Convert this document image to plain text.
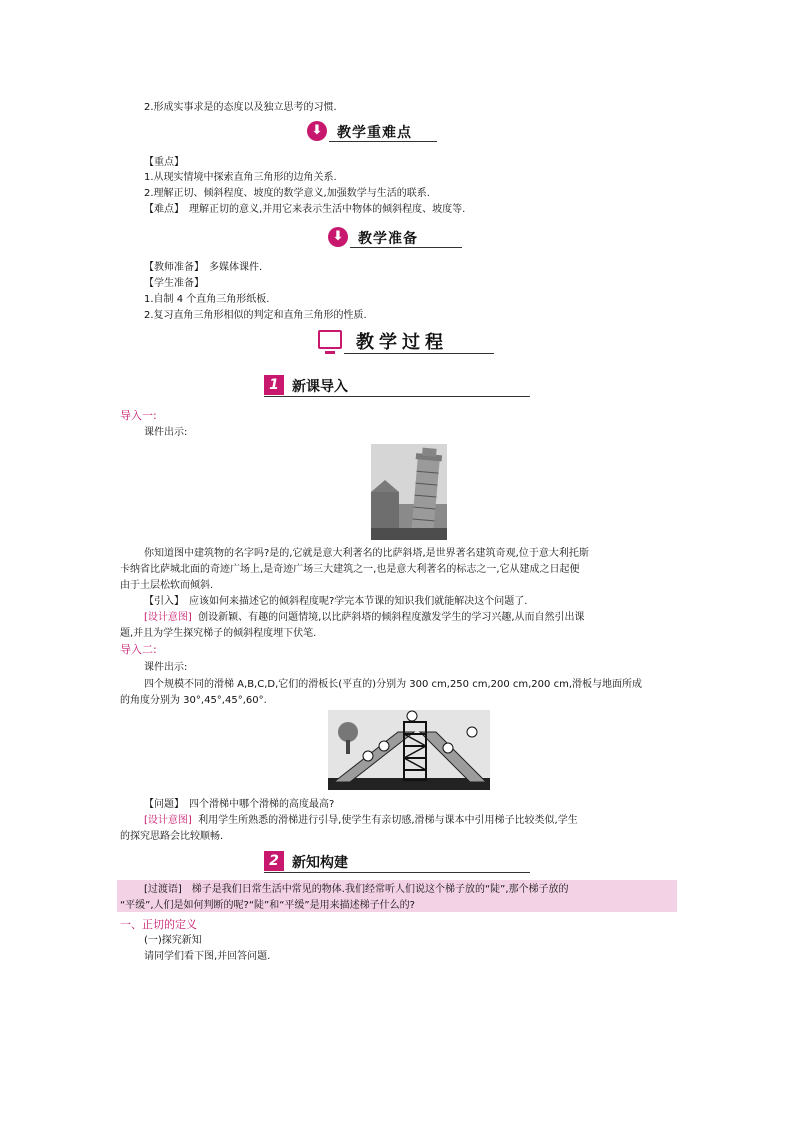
2.形成实事求是的态度以及独立思考的习惯.
⬇	教学重难点
【重点】
1.从现实情境中探索直角三角形的边角关系.
2.理解正切、倾斜程度、坡度的数学意义,加强数学与生活的联系.
【难点】　理解正切的意义,并用它来表示生活中物体的倾斜程度、坡度等.
⬇	教学准备
【教师准备】　多媒体课件.
【学生准备】
1.自制 4 个直角三角形纸板.
2.复习直角三角形相似的判定和直角三角形的性质.
教学过程
1 新课导入
导入一:
课件出示:
你知道图中建筑物的名字吗?是的,它就是意大利著名的比萨斜塔,是世界著名建筑奇观,位于意大利托斯
卡纳省比萨城北面的奇迹广场上,是奇迹广场三大建筑之一,也是意大利著名的标志之一,它从建成之日起便
由于土层松软而倾斜.
【引入】　应该如何来描述它的倾斜程度呢?学完本节课的知识我们就能解决这个问题了.
[设计意图] 创设新颖、有趣的问题情境,以比萨斜塔的倾斜程度激发学生的学习兴趣,从而自然引出课
题,并且为学生探究梯子的倾斜程度埋下伏笔.
导入二:
课件出示:
四个规模不同的滑梯 A,B,C,D,它们的滑板长(平直的)分别为 300 cm,250 cm,200 cm,200 cm,滑板与地面所成
的角度分别为 30°,45°,45°,60°.
【问题】　四个滑梯中哪个滑梯的高度最高?
[设计意图] 利用学生所熟悉的滑梯进行引导,使学生有亲切感,滑梯与课本中引用梯子比较类似,学生
的探究思路会比较顺畅.
2 新知构建
[过渡语]　梯子是我们日常生活中常见的物体.我们经常听人们说这个梯子放的“陡”,那个梯子放的
“平缓”,人们是如何判断的呢?“陡”和“平缓”是用来描述梯子什么的?
一、正切的定义
(一)探究新知
请同学们看下图,并回答问题.
